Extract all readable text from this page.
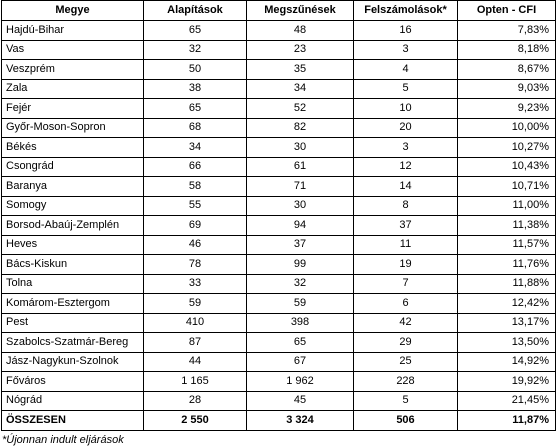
Megye	Alapítások	Megszűnések	Felszámolások*	Opten - CFI
Hajdú-Bihar	65	48	16	7,83%
Vas	32	23	3	8,18%
Veszprém	50	35	4	8,67%
Zala	38	34	5	9,03%
Fejér	65	52	10	9,23%
Győr-Moson-Sopron	68	82	20	10,00%
Békés	34	30	3	10,27%
Csongrád	66	61	12	10,43%
Baranya	58	71	14	10,71%
Somogy	55	30	8	11,00%
Borsod-Abaúj-Zemplén	69	94	37	11,38%
Heves	46	37	11	11,57%
Bács-Kiskun	78	99	19	11,76%
Tolna	33	32	7	11,88%
Komárom-Esztergom	59	59	6	12,42%
Pest	410	398	42	13,17%
Szabolcs-Szatmár-Bereg	87	65	29	13,50%
Jász-Nagykun-Szolnok	44	67	25	14,92%
Főváros	1 165	1 962	228	19,92%
Nógrád	28	45	5	21,45%
ÖSSZESEN	2 550	3 324	506	11,87%
*Újonnan indult eljárások
